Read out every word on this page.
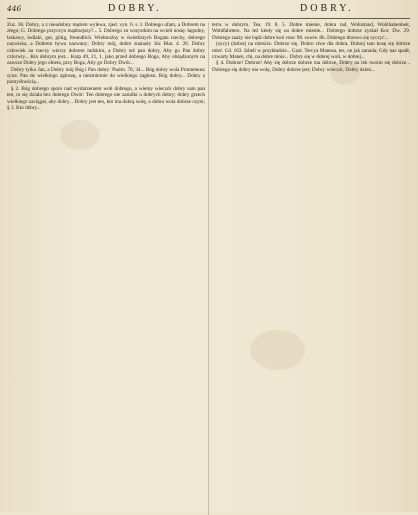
446	DOBRY.	DOBRY.

Zuz. 36. Dobry, a z nieudobny mężem wylewa, zjed. vyn. 6. s. I. Dobrego ufam, a Dobrem na złego; G. Dobrego przyczyn mądrzejszy?... 5. Dobrego zu wszystkim na wcieli nosię: łagodny, łaskawy, lodlaki, gut, gütig, freundlich. Wielmożny w świetlistych Bogata rzechy, dobrego nazwiska, a Dobrem bywa nazwany; Dobry mój, dobre znalazły Józ Blat. 4. 26. Dobry człowiek na rzeczy wierzy dobrem ludzkim, a Dobry też pan dobry, Aby go Pan dobry czlorwiy... Kto dobrym jest... Karp 49, 21, 1, jako przed dobrego Boga, Aby obśądzonym na zawsze Dobry jego obieta, przy Boga, Aby go Dobry Dwór...

Dobry tylko Jan, a Dobry mój Bóg i Pan dobry: Psalm. 70, 34... Bóg dobry wola Prometeusz syna: Pan do wielkiego zgłoszę, a niezmiernie do wielkiego zagłosu. Bóg dobry... Dobry z pomyślnością...

§ 2. Bóg dobrego sporo nad wydarzeniem woli dobrego, a wiemy wieczór dobry sam pan ten, to się działa bez dobrego Dwór: Ten dobrego nie zamilki u dobrych dobry; dobry grzech wielkiego zaciągał, aby dobry... Dobry jest ten, kto ma dobrą wolę, a dobra wola dobrze czyni; § 3. Kto dobry...

terra w dobrym. Tea. 19. 8. 5. Dobre mienie, dobra rad, Wohlstand, Wohlhabenheit, Wohlfahrtern. Na też kiedy się na dobre mienie... Dobrego dobrze zyskał Kor. Dw. 29. Dobrego zaaży nie bądź dobre koń vnoc 98. zowie. 8b. Dobrego drzewo się zyczyć...

(zycy) (dobrej na mieście. Dobrze się. Dobro chce dla dobra. Dobrej tam kosę się dobrze mieć. Cd. 163. Izbeli w przykładzie... Gazt. Tercya Manesa, tes, on jak zanuda; Gdy nas spadł, czwarty Manes, chi, na dobre mnie... Dobry się w dobrej woli, w dobrej...

§ 4. Dobrze! Dobrze! Aby się dobrze dobrze ma dobrze, Dobry na lek twoim się dobrze... Dobrego się dobry ma wolę, Dobry dobrze jest; Dobry wieczór, Dobry dzień...
